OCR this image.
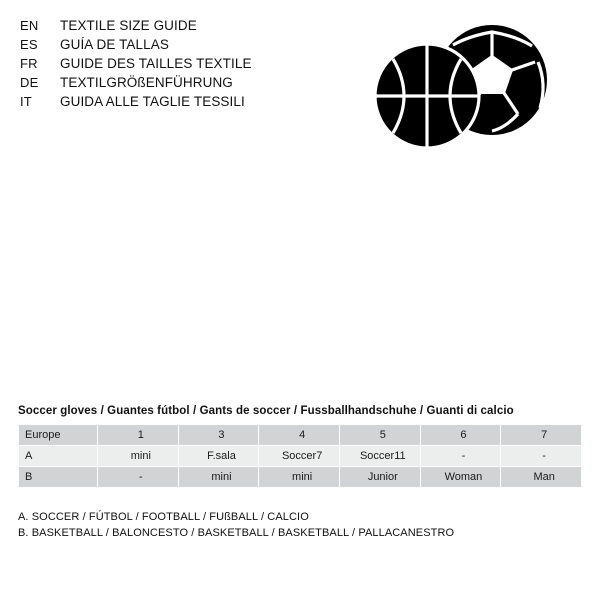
EN	TEXTILE SIZE GUIDE
ES	GUÍA DE TALLAS
FR	GUIDE DES TAILLES TEXTILE
DE	TEXTILGRÖßENFÜHRUNG
IT	GUIDA ALLE TAGLIE TESSILI
Soccer gloves / Guantes fútbol / Gants de soccer / Fussballhandschuhe / Guanti di calcio
Europe	1	3	4	5	6	7
A	mini	F.sala	Soccer7	Soccer11	-	-
B	-	mini	mini	Junior	Woman	Man
A. SOCCER / FÚTBOL / FOOTBALL / FUßBALL / CALCIO
B. BASKETBALL / BALONCESTO / BASKETBALL / BASKETBALL / PALLACANESTRO
